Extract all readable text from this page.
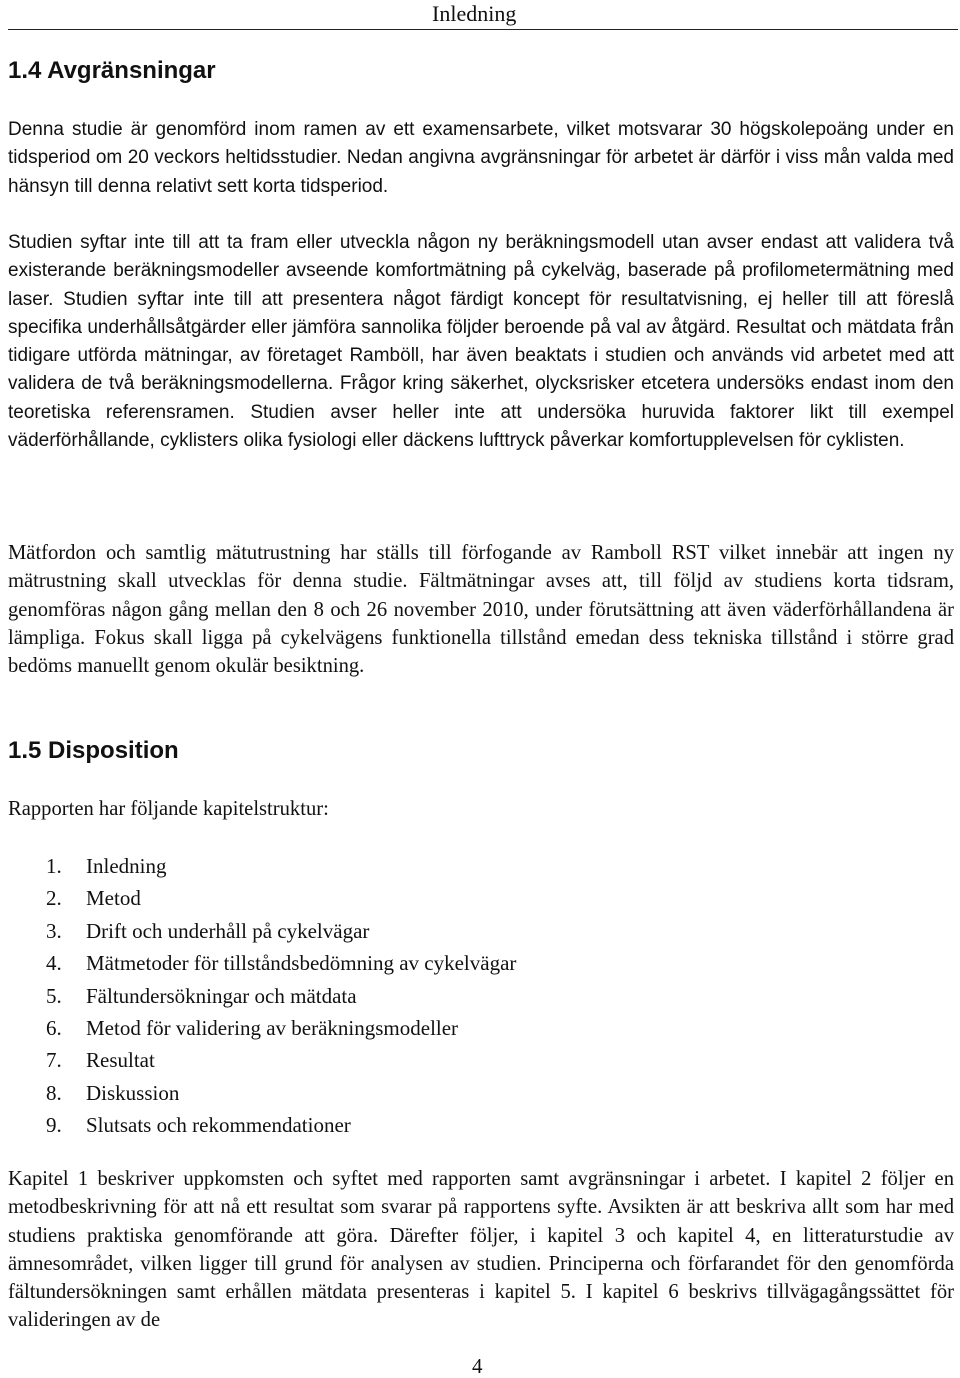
Inledning
1.4 Avgränsningar

Denna studie är genomförd inom ramen av ett examensarbete, vilket motsvarar 30 högskolepoäng under en tidsperiod om 20 veckors heltidsstudier. Nedan angivna avgränsningar för arbetet är därför i viss mån valda med hänsyn till denna relativt sett korta tidsperiod.

Studien syftar inte till att ta fram eller utveckla någon ny beräkningsmodell utan avser endast att validera två existerande beräkningsmodeller avseende komfortmätning på cykelväg, baserade på profilometermätning med laser. Studien syftar inte till att presentera något färdigt koncept för resultatvisning, ej heller till att föreslå specifika underhållsåtgärder eller jämföra sannolika följder beroende på val av åtgärd. Resultat och mätdata från tidigare utförda mätningar, av företaget Ramböll, har även beaktats i studien och används vid arbetet med att validera de två beräkningsmodellerna. Frågor kring säkerhet, olycksrisker etcetera undersöks endast inom den teoretiska referensramen. Studien avser heller inte att undersöka huruvida faktorer likt till exempel väderförhållande, cyklisters olika fysiologi eller däckens lufttryck påverkar komfortupplevelsen för cyklisten.

Mätfordon och samtlig mätutrustning har ställs till förfogande av Ramboll RST vilket innebär att ingen ny mätrustning skall utvecklas för denna studie. Fältmätningar avses att, till följd av studiens korta tidsram, genomföras någon gång mellan den 8 och 26 november 2010, under förutsättning att även väderförhållandena är lämpliga. Fokus skall ligga på cykelvägens funktionella tillstånd emedan dess tekniska tillstånd i större grad bedöms manuellt genom okulär besiktning.

1.5 Disposition

Rapporten har följande kapitelstruktur:

1. Inledning
2. Metod
3. Drift och underhåll på cykelvägar
4. Mätmetoder för tillståndsbedömning av cykelvägar
5. Fältundersökningar och mätdata
6. Metod för validering av beräkningsmodeller
7. Resultat
8. Diskussion
9. Slutsats och rekommendationer

Kapitel 1 beskriver uppkomsten och syftet med rapporten samt avgränsningar i arbetet. I kapitel 2 följer en metodbeskrivning för att nå ett resultat som svarar på rapportens syfte. Avsikten är att beskriva allt som har med studiens praktiska genomförande att göra. Därefter följer, i kapitel 3 och kapitel 4, en litteraturstudie av ämnesområdet, vilken ligger till grund för analysen av studien. Principerna och förfarandet för den genomförda fältundersökningen samt erhållen mätdata presenteras i kapitel 5. I kapitel 6 beskrivs tillvägagångssättet för valideringen av de

4
